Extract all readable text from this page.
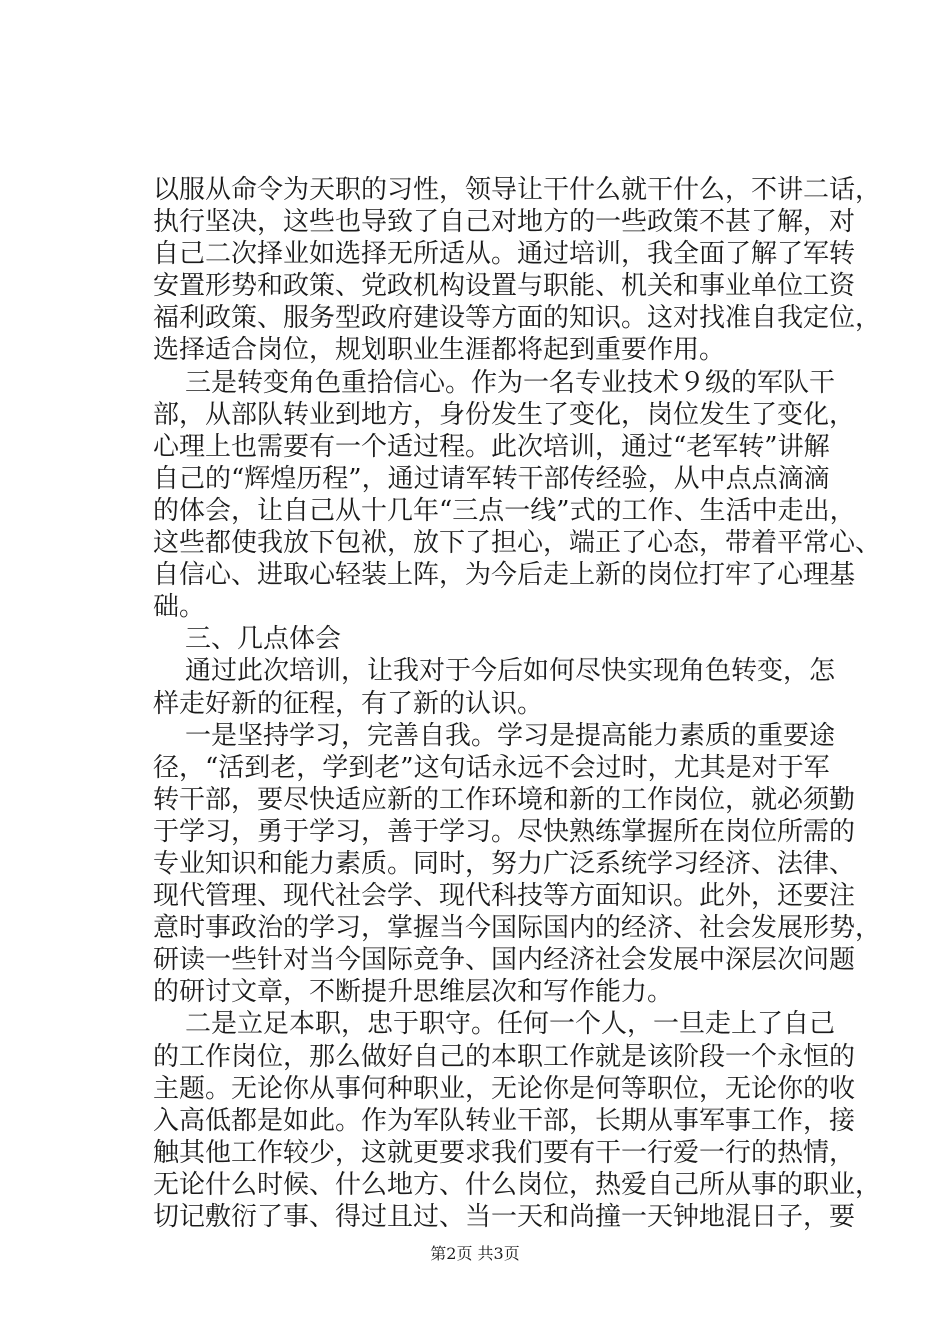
以服从命令为天职的习性，领导让干什么就干什么，不讲二话，
执行坚决，这些也导致了自己对地方的一些政策不甚了解，对
自己二次择业如选择无所适从。通过培训，我全面了解了军转
安置形势和政策、党政机构设置与职能、机关和事业单位工资
福利政策、服务型政府建设等方面的知识。这对找准自我定位，
选择适合岗位，规划职业生涯都将起到重要作用。
三是转变角色重拾信心。作为一名专业技术９级的军队干
部，从部队转业到地方，身份发生了变化，岗位发生了变化，
心理上也需要有一个适过程。此次培训，通过“老军转”讲解
自己的“辉煌历程”，通过请军转干部传经验，从中点点滴滴
的体会，让自己从十几年“三点一线”式的工作、生活中走出，
这些都使我放下包袱，放下了担心，端正了心态，带着平常心、
自信心、进取心轻装上阵，为今后走上新的岗位打牢了心理基
础。
三、几点体会
通过此次培训，让我对于今后如何尽快实现角色转变，怎
样走好新的征程，有了新的认识。
一是坚持学习，完善自我。学习是提高能力素质的重要途
径，“活到老，学到老”这句话永远不会过时，尤其是对于军
转干部，要尽快适应新的工作环境和新的工作岗位，就必须勤
于学习，勇于学习，善于学习。尽快熟练掌握所在岗位所需的
专业知识和能力素质。同时，努力广泛系统学习经济、法律、
现代管理、现代社会学、现代科技等方面知识。此外，还要注
意时事政治的学习，掌握当今国际国内的经济、社会发展形势，
研读一些针对当今国际竞争、国内经济社会发展中深层次问题
的研讨文章，不断提升思维层次和写作能力。
二是立足本职，忠于职守。任何一个人，一旦走上了自己
的工作岗位，那么做好自己的本职工作就是该阶段一个永恒的
主题。无论你从事何种职业，无论你是何等职位，无论你的收
入高低都是如此。作为军队转业干部，长期从事军事工作，接
触其他工作较少，这就更要求我们要有干一行爱一行的热情，
无论什么时候、什么地方、什么岗位，热爱自己所从事的职业，
切记敷衍了事、得过且过、当一天和尚撞一天钟地混日子，要
第2页 共3页
